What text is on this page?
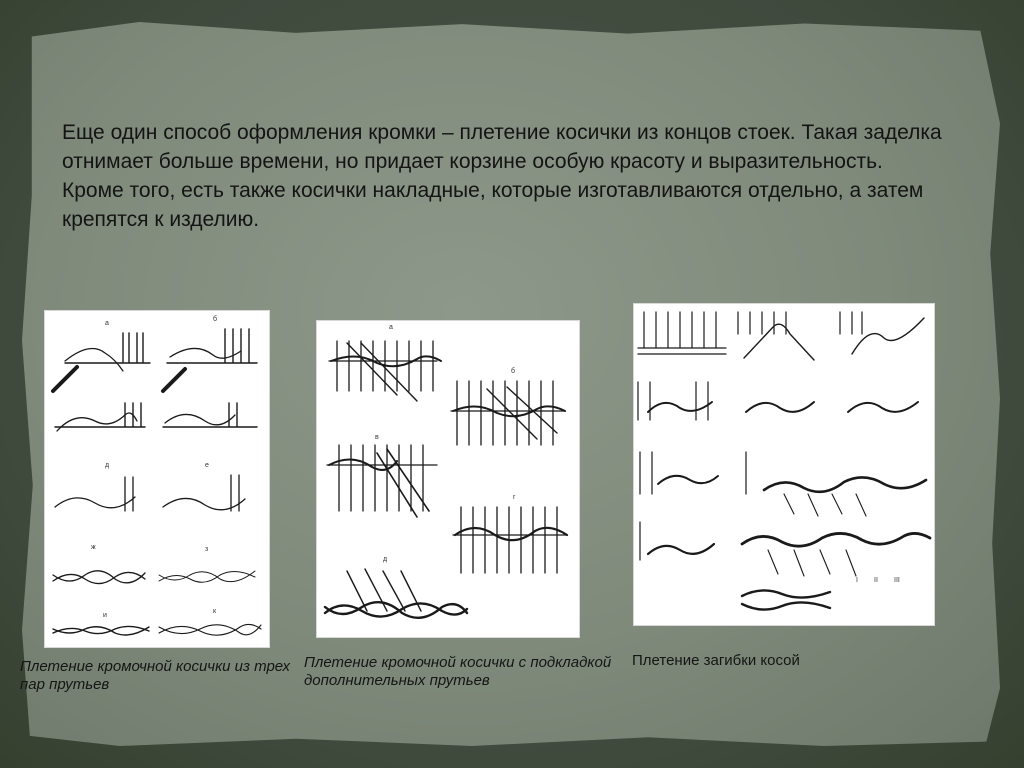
Еще один способ оформления кромки – плетение косички из концов стоек. Такая заделка отнимает больше времени, но придает корзине особую красоту и выразительность.

Кроме того, есть также косички накладные, которые изготавливаются отдельно, а затем крепятся к изделию.

а
б
д	е
ж	з
и
к
Плетение кромочной косички из трех пар прутьев
а
б
в
г
д
Плетение кромочной косички с подкладкой дополнительных прутьев
I II III
Плетение загибки косой
